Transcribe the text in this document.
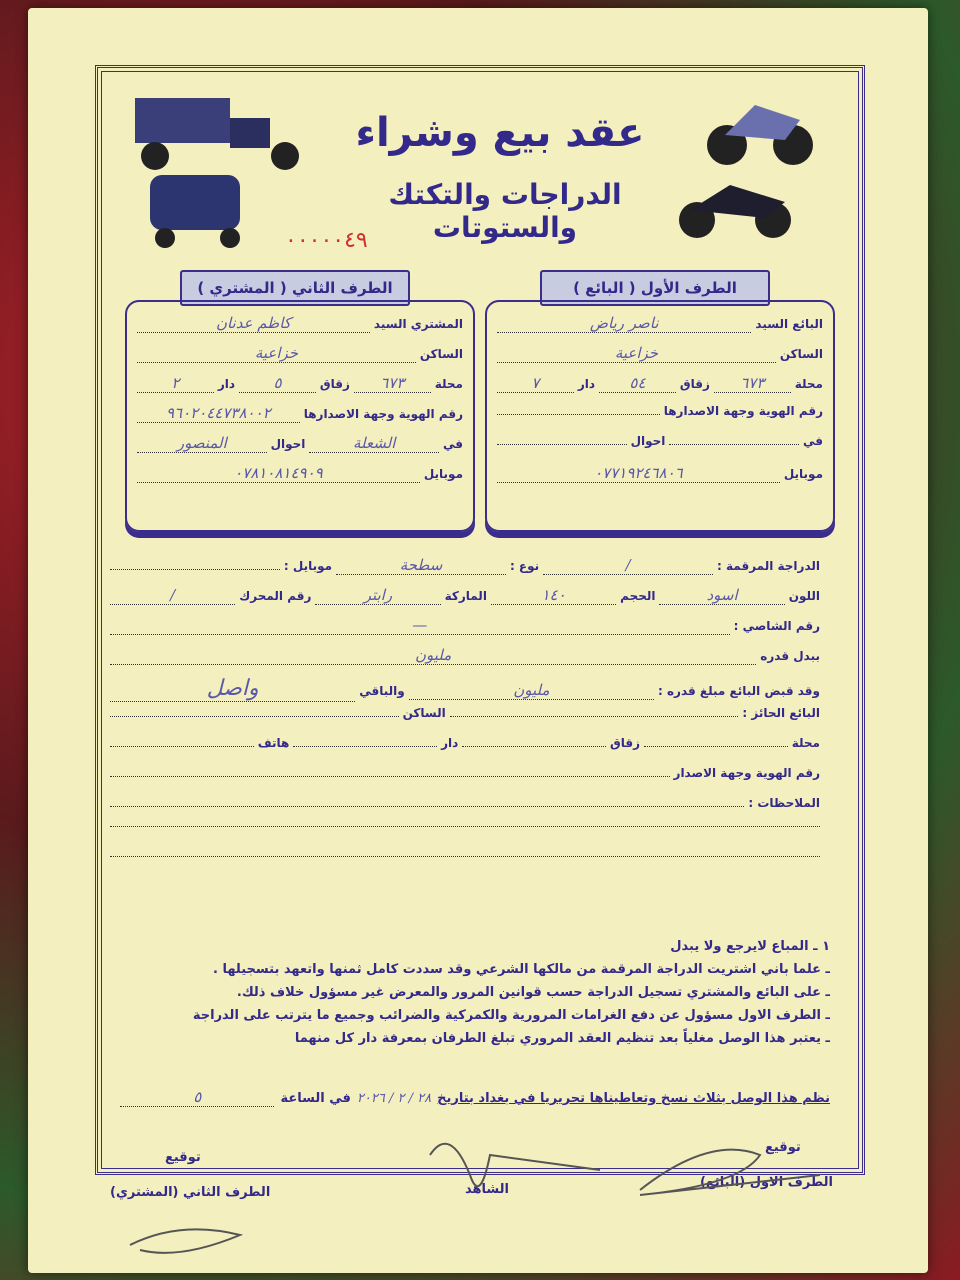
عقد بيع وشراء
الدراجات والتكتك والستوتات
٠٠٠٠٠٤٩
الطرف الثاني ( المشتري )	الطرف الأول ( البائع )
المشتري السيد
كاظم عدنان
الساكن
خزاعية
محلة
٦٧٣
زقاق
٥
دار
٢
رقم الهوية وجهة الاصدارها
٩٦٠٢٠٤٤٧٣٨٠٠٢
في
الشعلة
احوال
المنصور
موبايل
٠٧٨١٠٨١٤٩٠٩
البائع السيد
ناصر رياض
الساكن
خزاعية
محلة
٦٧٣
زقاق
٥٤
دار
٧
رقم الهوية وجهة الاصدارها
في
احوال
موبايل
٠٧٧١٩٢٤٦٨٠٦
الدراجة المرقمة :
/
نوع :
سطحة
موبايل :
اللون
اسود
الحجم
١٤٠
الماركة
رابتر
رقم المحرك
/
رقم الشاصي :
—
ببدل قدره
مليون
وقد قبض البائع مبلغ قدره :
مليون
والباقي
واصل
البائع الحائز :
الساكن
محلة
زقاق
دار
هاتف
رقم الهوية وجهة الاصدار
الملاحظات :
١ ـ المباع لايرجع ولا يبدل
ـ علما باني اشتريت الدراجة المرقمة من مالكها الشرعي وقد سددت كامل ثمنها واتعهد بتسجيلها .
ـ على البائع والمشتري تسجيل الدراجة حسب قوانين المرور والمعرض غير مسؤول خلاف ذلك.
ـ الطرف الاول مسؤول عن دفع الغرامات المرورية والكمركية والضرائب وجميع ما يترتب على الدراجة
ـ يعتبر هذا الوصل مغلياً بعد تنظيم العقد المروري تبلغ الطرفان بمعرفة دار كل منهما
نظم هذا الوصل بثلاث نسخ وتعاطيناها تحريريا في بغداد بتاريخ
٢٨ / ٢ / ٢٠٢٦
في الساعة
٥
توقيع
الطرف الاول (البائع)
الشاهد
توقيع
الطرف الثاني (المشتري)
